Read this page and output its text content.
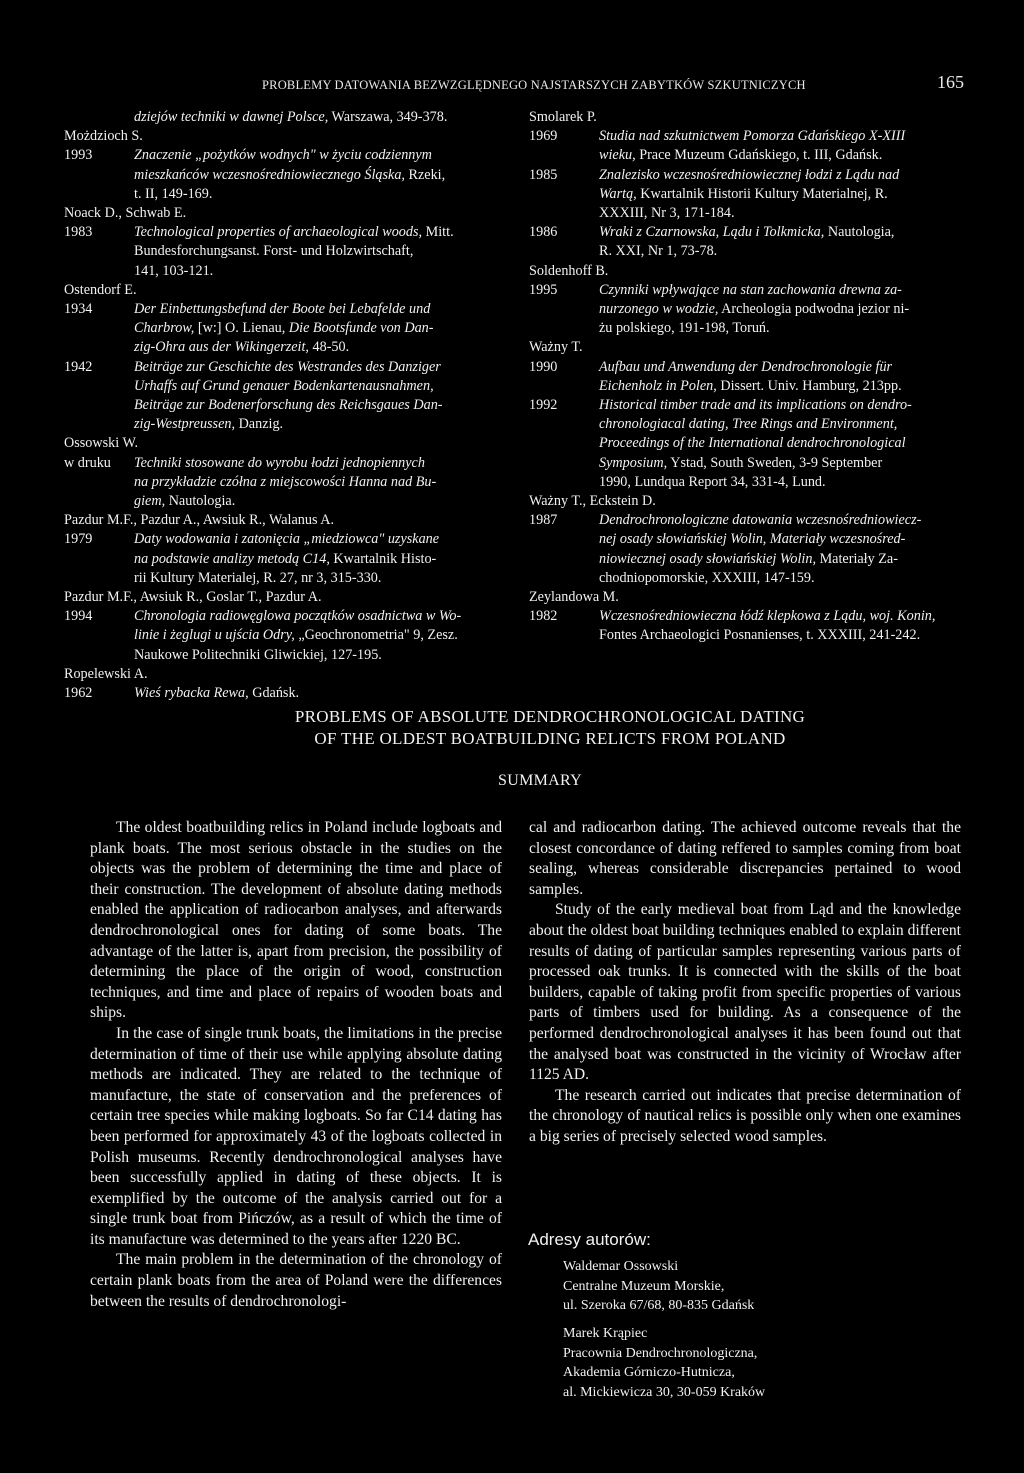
PROBLEMY DATOWANIA BEZWZGLĘDNEGO NAJSTARSZYCH ZABYTKÓW SZKUTNICZYCH	165
dziejów techniki w dawnej Polsce, Warszawa, 349-378.
Możdzioch S.
1993	Znaczenie „pożytków wodnych" w życiu codziennym
mieszkańców wczesnośredniowiecznego Śląska, Rzeki,
t. II, 149-169.
Noack D., Schwab E.
1983	Technological properties of archaeological woods, Mitt.
Bundesforchungsanst. Forst- und Holzwirtschaft,
141, 103-121.
Ostendorf E.
1934	Der Einbettungsbefund der Boote bei Lebafelde und
Charbrow, [w:] O. Lienau, Die Bootsfunde von Dan-
zig-Ohra aus der Wikingerzeit, 48-50.
1942	Beiträge zur Geschichte des Westrandes des Danziger
Urhaffs auf Grund genauer Bodenkartenausnahmen,
Beiträge zur Bodenerforschung des Reichsgaues Dan-
zig-Westpreussen, Danzig.
Ossowski W.
w druku	Techniki stosowane do wyrobu łodzi jednopiennych
na przykładzie czółna z miejscowości Hanna nad Bu-
giem, Nautologia.
Pazdur M.F., Pazdur A., Awsiuk R., Walanus A.
1979	Daty wodowania i zatonięcia „miedziowca" uzyskane
na podstawie analizy metodą C14, Kwartalnik Histo-
rii Kultury Materialej, R. 27, nr 3, 315-330.
Pazdur M.F., Awsiuk R., Goslar T., Pazdur A.
1994	Chronologia radiowęglowa początków osadnictwa w Wo-
linie i żeglugi u ujścia Odry, „Geochronometria" 9, Zesz.
Naukowe Politechniki Gliwickiej, 127-195.
Ropelewski A.
1962	Wieś rybacka Rewa, Gdańsk.
Smolarek P.
1969	Studia nad szkutnictwem Pomorza Gdańskiego X-XIII
wieku, Prace Muzeum Gdańskiego, t. III, Gdańsk.
1985	Znalezisko wczesnośredniowiecznej łodzi z Lądu nad
Wartą, Kwartalnik Historii Kultury Materialnej, R.
XXXIII, Nr 3, 171-184.
1986	Wraki z Czarnowska, Lądu i Tolkmicka, Nautologia,
R. XXI, Nr 1, 73-78.
Soldenhoff B.
1995	Czynniki wpływające na stan zachowania drewna za-
nurzonego w wodzie, Archeologia podwodna jezior ni-
żu polskiego, 191-198, Toruń.
Ważny T.
1990	Aufbau und Anwendung der Dendrochronologie für
Eichenholz in Polen, Dissert. Univ. Hamburg, 213pp.
1992	Historical timber trade and its implications on dendro-
chronologiacal dating, Tree Rings and Environment,
Proceedings of the International dendrochronological
Symposium, Ystad, South Sweden, 3-9 September
1990, Lundqua Report 34, 331-4, Lund.
Ważny T., Eckstein D.
1987	Dendrochronologiczne datowania wczesnośredniowiecz-
nej osady słowiańskiej Wolin, Materiały wczesnośred-
niowiecznej osady słowiańskiej Wolin, Materiały Za-
chodniopomorskie, XXXIII, 147-159.
Zeylandowa M.
1982	Wczesnośredniowieczna łódź klepkowa z Lądu, woj. Konin,
Fontes Archaeologici Posnanienses, t. XXXIII, 241-242.
PROBLEMS OF ABSOLUTE DENDROCHRONOLOGICAL DATING
OF THE OLDEST BOATBUILDING RELICTS FROM POLAND
SUMMARY

The oldest boatbuilding relics in Poland include logboats and plank boats. The most serious obstacle in the studies on the objects was the problem of determining the time and place of their construction. The development of absolute dating methods enabled the application of radiocarbon analyses, and afterwards dendrochronological ones for dating of some boats. The advantage of the latter is, apart from precision, the possibility of determining the place of the origin of wood, construction techniques, and time and place of repairs of wooden boats and ships.

In the case of single trunk boats, the limitations in the precise determination of time of their use while applying absolute dating methods are indicated. They are related to the technique of manufacture, the state of conservation and the preferences of certain tree species while making logboats. So far C14 dating has been performed for approximately 43 of the logboats collected in Polish museums. Recently dendrochronological analyses have been successfully applied in dating of these objects. It is exemplified by the outcome of the analysis carried out for a single trunk boat from Pińczów, as a result of which the time of its manufacture was determined to the years after 1220 BC.

The main problem in the determination of the chronology of certain plank boats from the area of Poland were the differences between the results of dendrochronologi-

cal and radiocarbon dating. The achieved outcome reveals that the closest concordance of dating reffered to samples coming from boat sealing, whereas considerable discrepancies pertained to wood samples.

Study of the early medieval boat from Ląd and the knowledge about the oldest boat building techniques enabled to explain different results of dating of particular samples representing various parts of processed oak trunks. It is connected with the skills of the boat builders, capable of taking profit from specific properties of various parts of timbers used for building. As a consequence of the performed dendrochronological analyses it has been found out that the analysed boat was constructed in the vicinity of Wrocław after 1125 AD.

The research carried out indicates that precise determination of the chronology of nautical relics is possible only when one examines a big series of precisely selected wood samples.

Adresy autorów:
Waldemar Ossowski
Centralne Muzeum Morskie,
ul. Szeroka 67/68, 80-835 Gdańsk
Marek Krąpiec
Pracownia Dendrochronologiczna,
Akademia Górniczo-Hutnicza,
al. Mickiewicza 30, 30-059 Kraków
